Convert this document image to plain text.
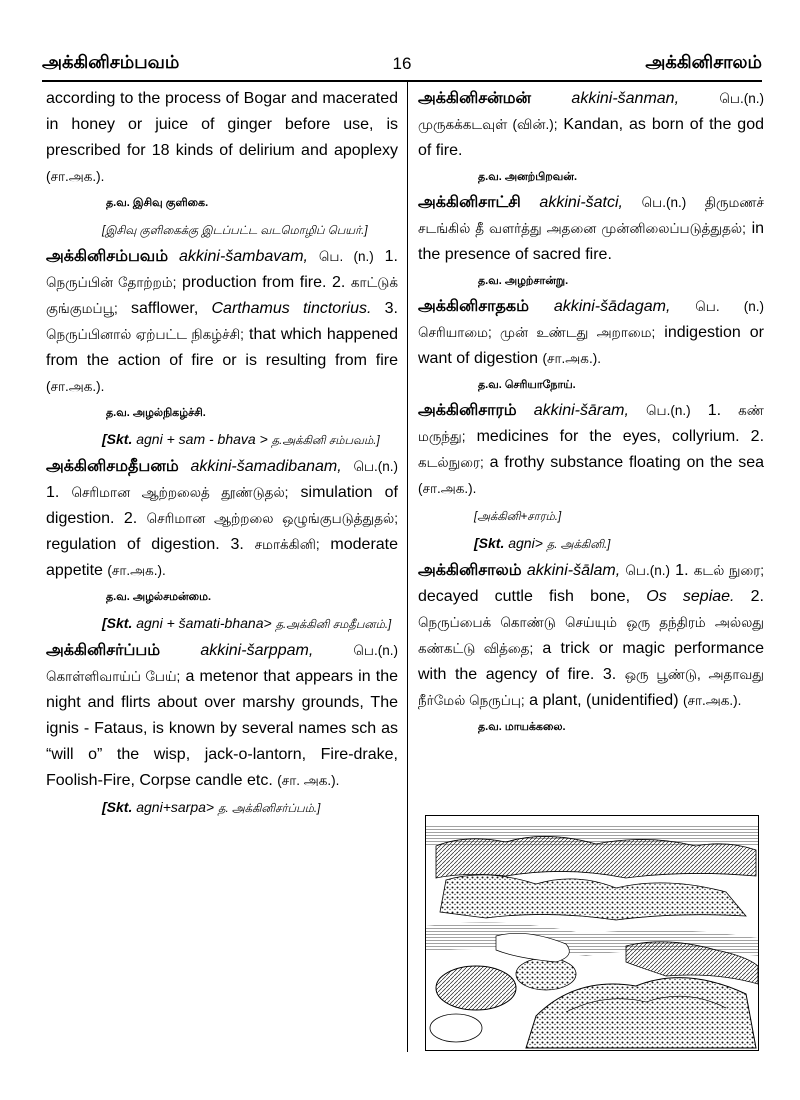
அக்கினிசம்பவம்	16	அக்கினிசாலம்

according to the process of Bogar and macerated in honey or juice of ginger before use, is prescribed for 18 kinds of delirium and apoplexy (சா.அக.).

த.வ. இசிவு குளிகை.

[இசிவு குளிகைக்கு இடப்பட்ட வடமொழிப் பெயர்.]

அக்கினிசம்பவம் akkini-šambavam, பெ. (n.) 1. நெருப்பின் தோற்றம்; production from fire. 2. காட்டுக் குங்குமப்பூ; safflower, Carthamus tinctorius. 3. நெருப்பினால் ஏற்பட்ட நிகழ்ச்சி; that which happened from the action of fire or is resulting from fire (சா.அக.).

த.வ. அழல்நிகழ்ச்சி.

[Skt. agni + sam - bhava > த.அக்கினி சம்பவம்.]

அக்கினிசமதீபனம் akkini-šamadibanam, பெ.(n.) 1. செரிமான ஆற்றலைத் தூண்டுதல்; simulation of digestion. 2. செரிமான ஆற்றலை ஒழுங்குபடுத்துதல்; regulation of digestion. 3. சமாக்கினி; moderate appetite (சா.அக.).

த.வ. அழல்சமன்மை.

[Skt. agni + šamati-bhana> த.அக்கினி சமதீபனம்.]

அக்கினிசர்ப்பம்	akkini-šarppam,	பெ.(n.) கொள்ளிவாய்ப் பேய்; a metenor that appears in the night and flirts about over marshy grounds, The ignis - Fataus, is known by several names sch as “will o” the wisp, jack-o-lantorn, Fire-drake, Foolish-Fire, Corpse candle etc. (சா. அக.).

[Skt. agni+sarpa> த. அக்கினிசர்ப்பம்.]

அக்கினிசன்மன்	akkini-šanman,	பெ.(n.) முருகக்கடவுள் (வின்.); Kandan, as born of the god of fire.

த.வ. அனற்பிறவன்.

அக்கினிசாட்சி akkini-šatci, பெ.(n.) திருமணச் சடங்கில் தீ வளர்த்து அதனை முன்னிலைப்படுத்துதல்; in the presence of sacred fire.

த.வ. அழற்சான்று.

அக்கினிசாதகம் akkini-šādagam, பெ. (n.) செரியாமை; முன் உண்டது அறாமை; indigestion or want of digestion (சா.அக.).

த.வ. செரியாநோய்.

அக்கினிசாரம் akkini-šāram, பெ.(n.) 1. கண் மருந்து; medicines for the eyes, collyrium. 2. கடல்நுரை; a frothy substance floating on the sea (சா.அக.).

[அக்கினி+சாரம்.]

[Skt. agni> த. அக்கினி.]

அக்கினிசாலம் akkini-šālam, பெ.(n.) 1. கடல் நுரை; decayed cuttle fish bone, Os sepiae. 2. நெருப்பைக் கொண்டு செய்யும் ஒரு தந்திரம் அல்லது கண்கட்டு வித்தை; a trick or magic performance with the agency of fire. 3. ஒரு பூண்டு, அதாவது நீர்மேல் நெருப்பு; a plant, (unidentified) (சா.அக.).

த.வ. மாயக்கலை.
